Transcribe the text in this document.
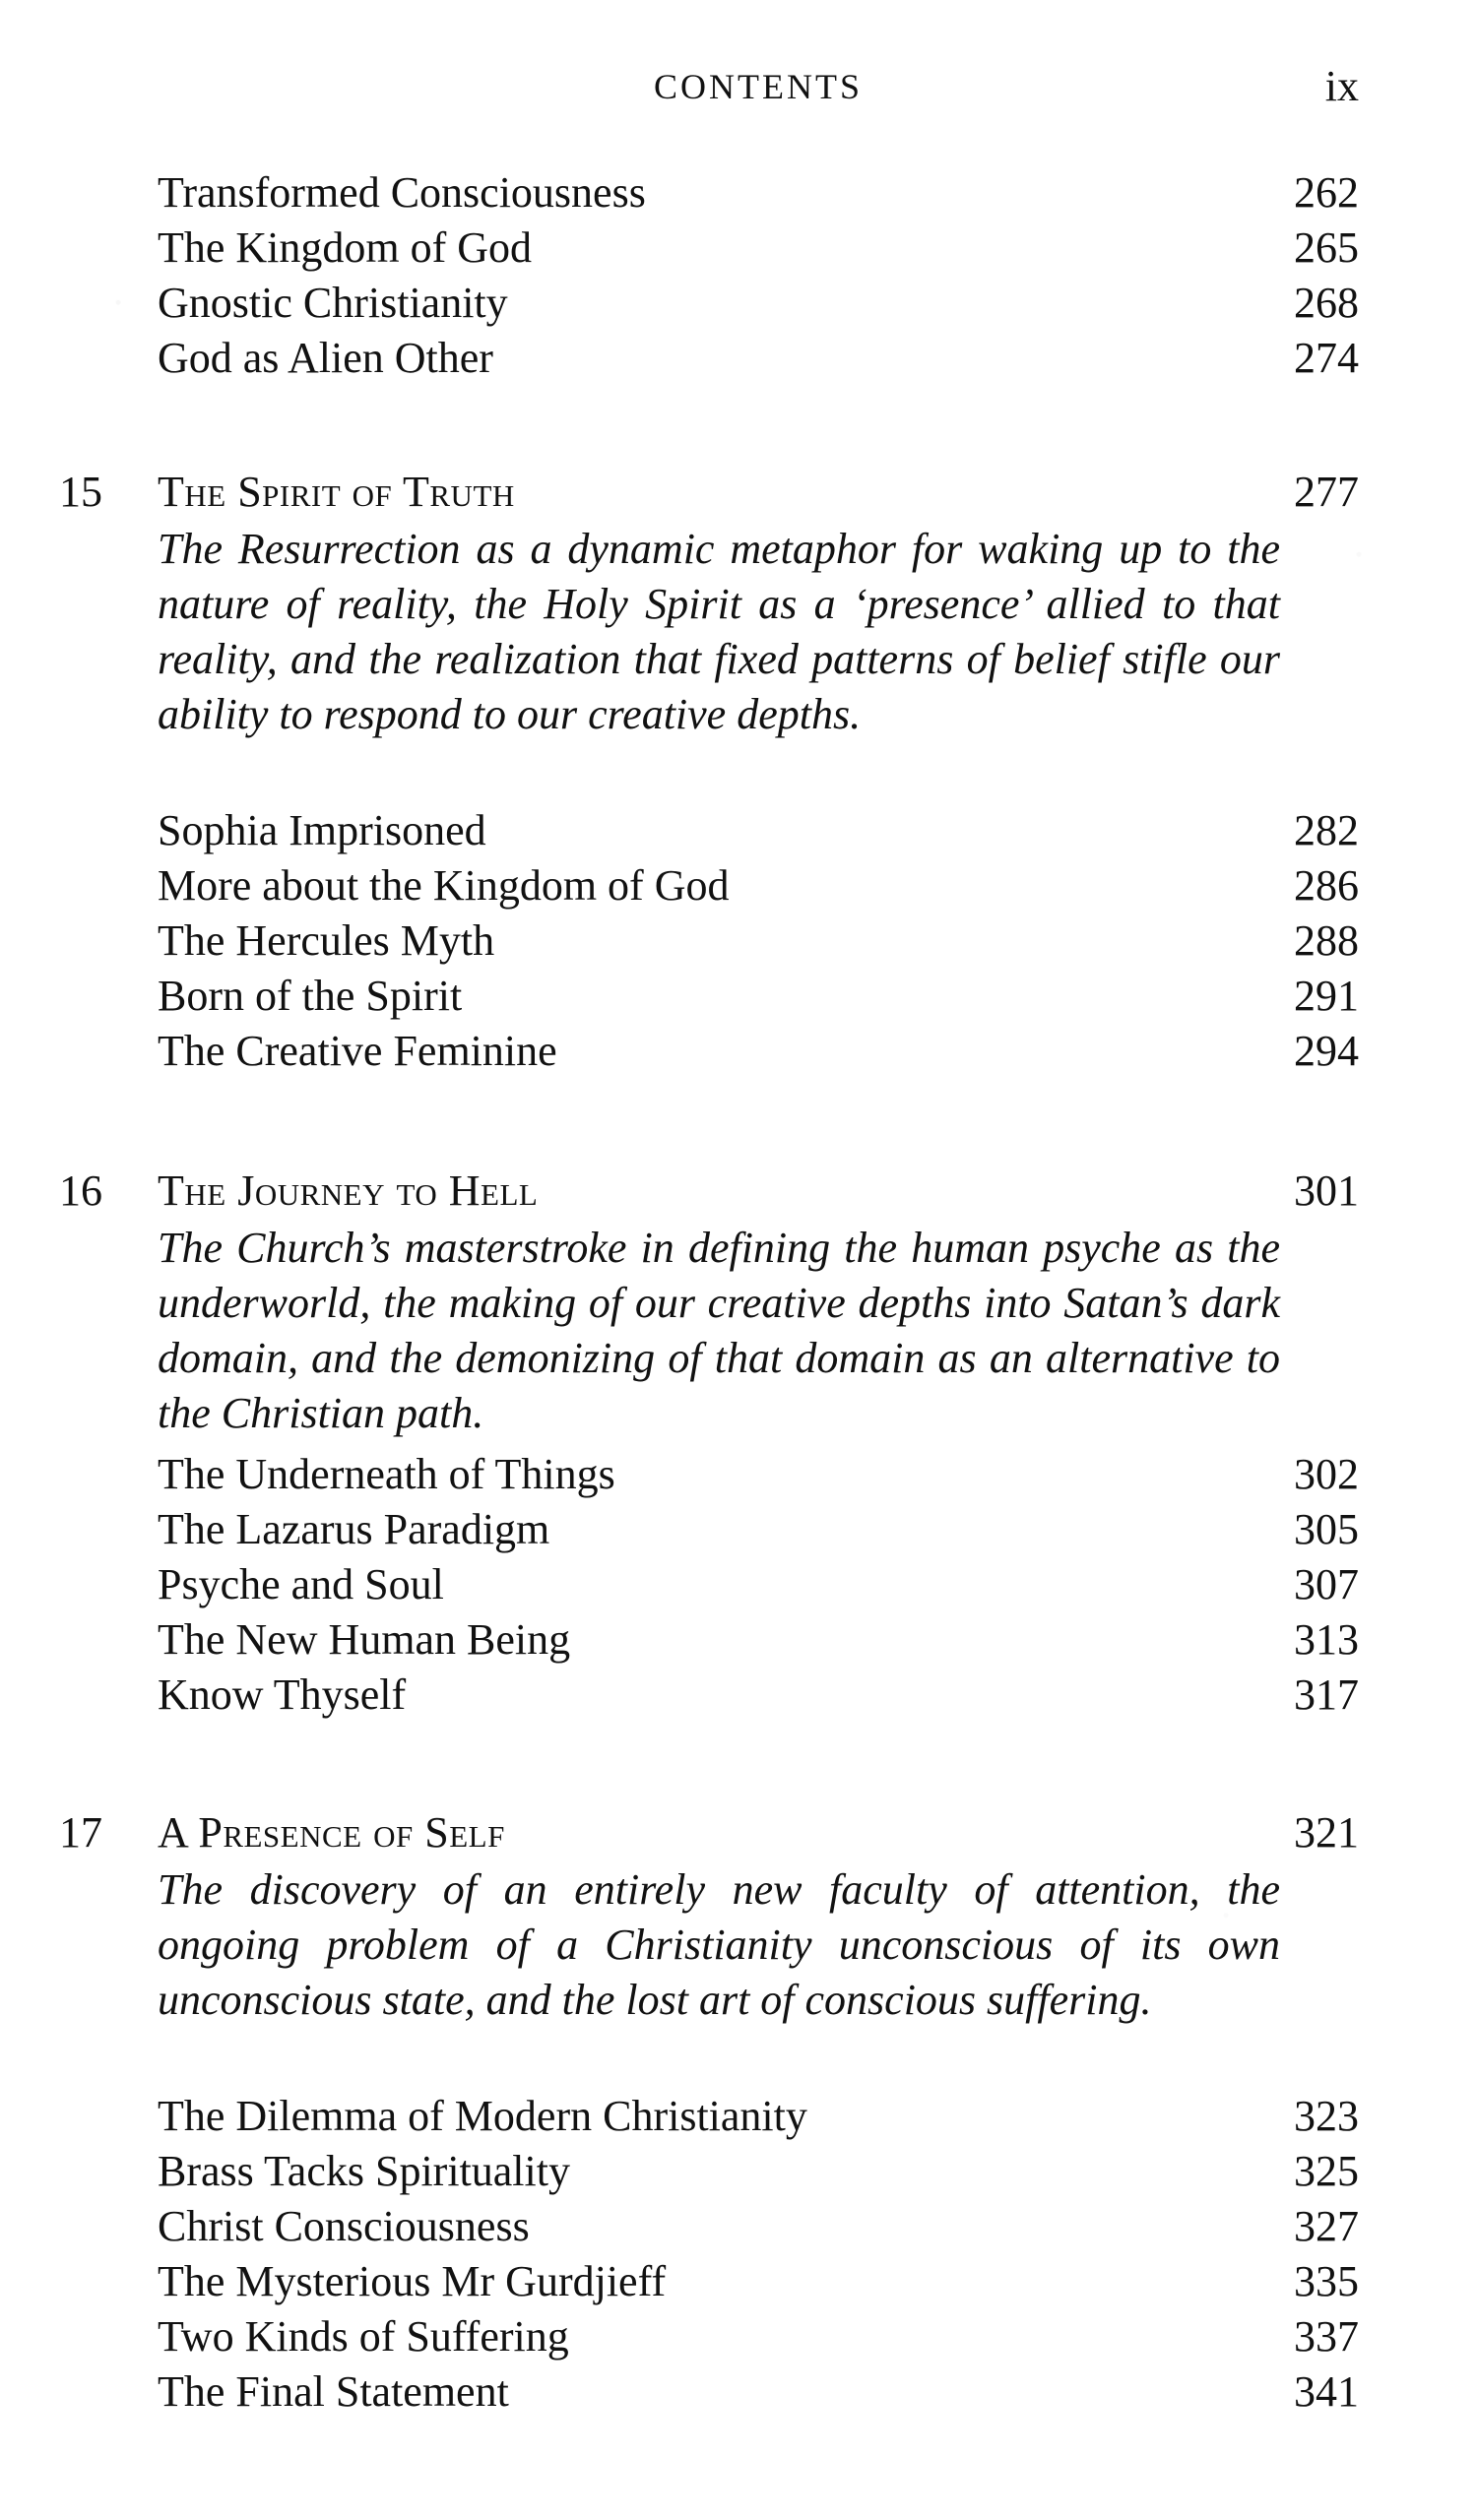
CONTENTS	ix
Transformed Consciousness	262
The Kingdom of God	265
Gnostic Christianity	268
God as Alien Other	274
15 The Spirit of Truth	277
The Resurrection as a dynamic metaphor for waking up to the nature of reality, the Holy Spirit as a ‘presence’ allied to that reality, and the realization that fixed patterns of belief stifle our ability to respond to our creative depths.
Sophia Imprisoned	282
More about the Kingdom of God	286
The Hercules Myth	288
Born of the Spirit	291
The Creative Feminine	294
16 The Journey to Hell	301
The Church’s masterstroke in defining the human psyche as the underworld, the making of our creative depths into Satan’s dark domain, and the demonizing of that domain as an alternative to the Christian path.
The Underneath of Things	302
The Lazarus Paradigm	305
Psyche and Soul	307
The New Human Being	313
Know Thyself	317
17 A Presence of Self	321
The discovery of an entirely new faculty of attention, the ongoing problem of a Christianity unconscious of its own unconscious state, and the lost art of conscious suffering.
The Dilemma of Modern Christianity	323
Brass Tacks Spirituality	325
Christ Consciousness	327
The Mysterious Mr Gurdjieff	335
Two Kinds of Suffering	337
The Final Statement	341
